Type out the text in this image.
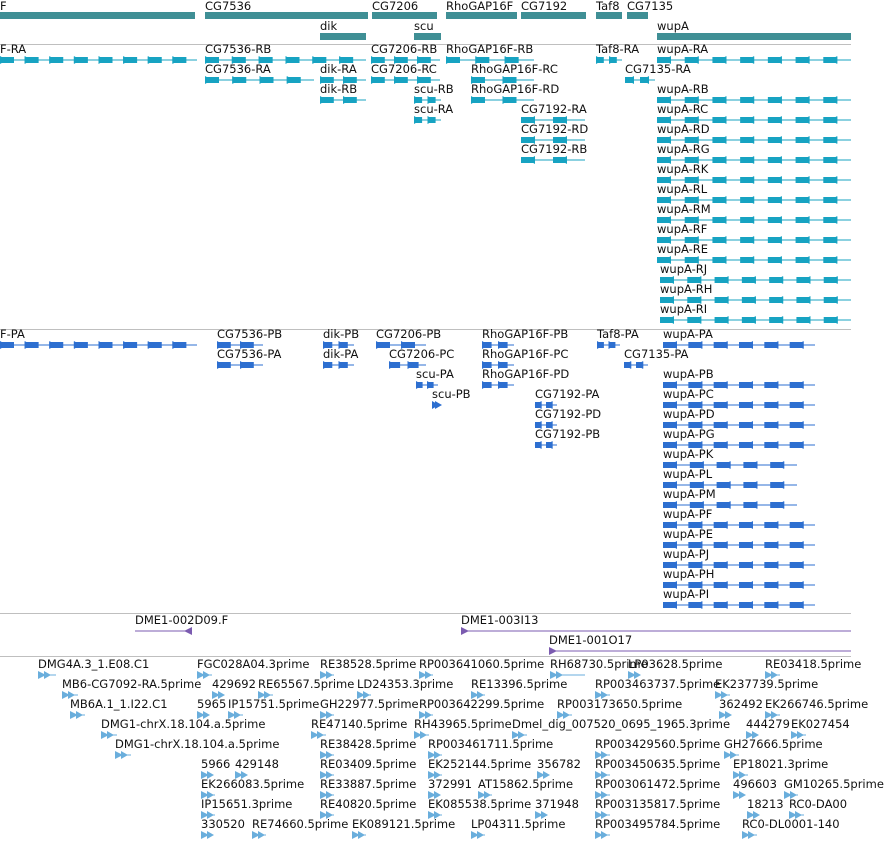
F	CG7536	CG7206 RhoGAP16F CG7192	Taf8 CG7135
dik	scu	wupA
F-RA	CG7536-RB	CG7206-RB RhoGAP16F-RB	Taf8-RA wupA-RA
CG7536-RA	dik-RA CG7206-RC	RhoGAP16F-RC	CG7135-RA
dik-RB	scu-RB RhoGAP16F-RD	wupA-RB
scu-RA	wupA-RC
CG7192-RA
wupA-RD
CG7192-RD
wupA-RG
CG7192-RB
wupA-RK
wupA-RL
wupA-RM
wupA-RF
wupA-RE
wupA-RJ
wupA-RH
wupA-RI
F-PA	CG7536-PB	dik-PB CG7206-PB	RhoGAP16F-PB	Taf8-PA wupA-PA
CG7536-PA	dik-PA	CG7206-PC RhoGAP16F-PC	CG7135-PA
scu-PA RhoGAP16F-PD	wupA-PB
scu-PB	CG7192-PA	wupA-PC
CG7192-PD	wupA-PD
CG7192-PB	wupA-PG
wupA-PK
wupA-PL
wupA-PM
wupA-PF
wupA-PE
wupA-PJ
wupA-PH
wupA-PI
DME1-002D09.F	DME1-003I13
DME1-001O17
DMG4A.3_1.E08.C1	FGC028A04.3prime RE38528.5prime RP003641060.5prime RH68730.5prime
LP03628.5prime	RE03418.5prime
MB6-CG7092-RA.5prime 429692 RE65567.5prime LD24353.3prime RE13396.5prime RP003463737.5prime
EK237739.5prime
MB6A.1_1.I22.C1	5965 IP15751.5prime GH22977.5prime RP003642299.5prime RP003173650.5prime	362492 EK266746.5prime
DMG1-chrX.18.104.a.5prime	RE47140.5prime RH43965.5prime Dmel_dig_007520_0695_1965.3prime 444279 EK027454
DMG1-chrX.18.104.a.5prime	RE38428.5prime RP003461711.5prime	RP003429560.5prime GH27666.5prime
5966 429148	RE03409.5prime EK252144.5prime 356782 RP003450635.5prime EP18021.3prime
EK266083.5prime RE33887.5prime 372991 AT15862.5prime RP003061472.5prime 496603 GM10265.5prime
IP15651.3prime RE40820.5prime EK085538.5prime 371948 RP003135817.5prime 18213 RC0-DA00
330520 RE74660.5prime EK089121.5prime LP04311.5prime	RP003495784.5prime RC0-DL0001-140
